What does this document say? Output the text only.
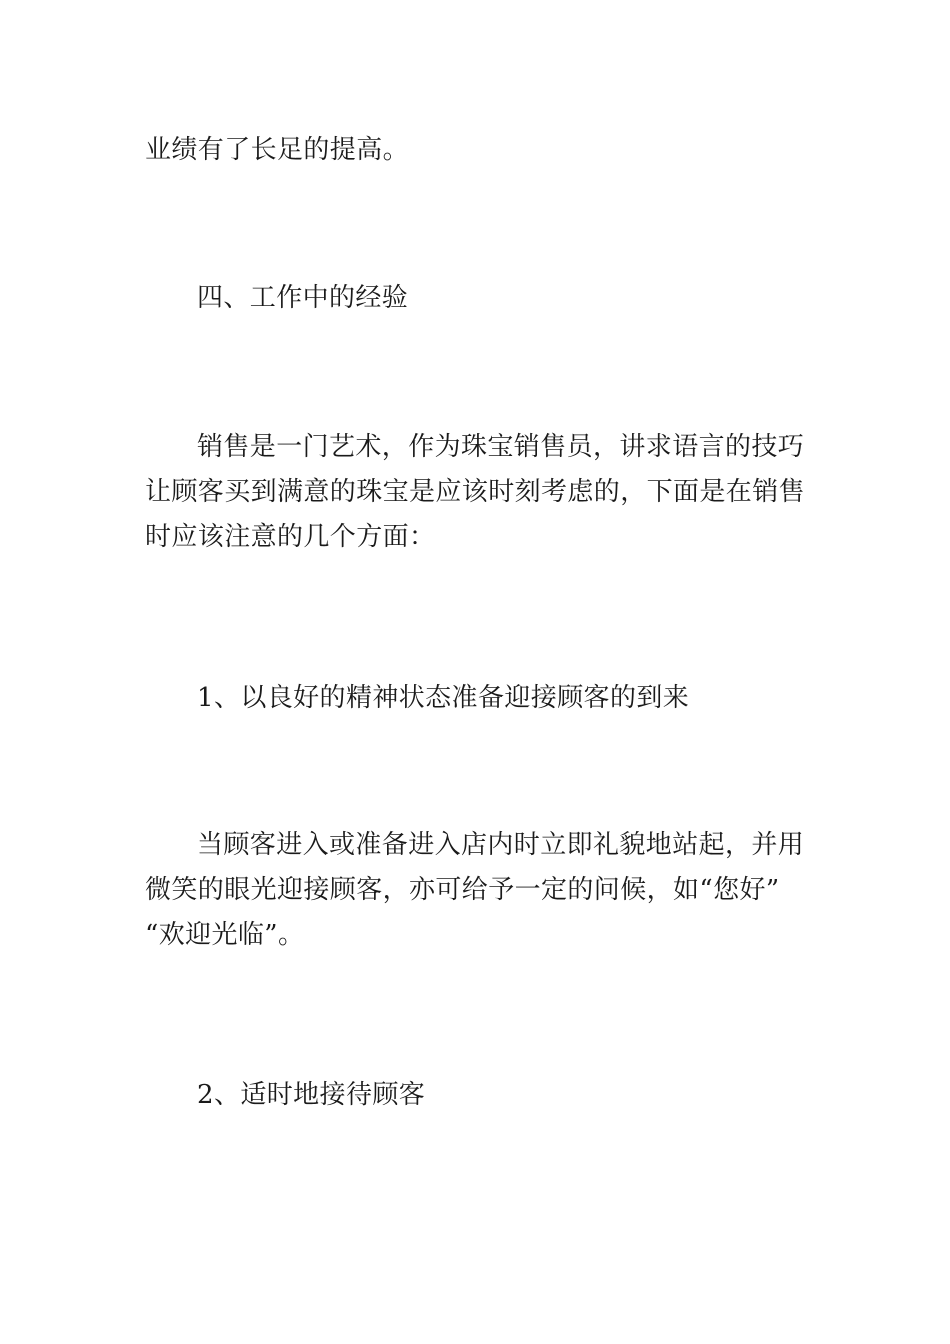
业绩有了长足的提高。

四、工作中的经验

销售是一门艺术，作为珠宝销售员，讲求语言的技巧
让顾客买到满意的珠宝是应该时刻考虑的，下面是在销售
时应该注意的几个方面：

1、以良好的精神状态准备迎接顾客的到来

当顾客进入或准备进入店内时立即礼貌地站起，并用
微笑的眼光迎接顾客，亦可给予一定的问候，如“您好”
“欢迎光临”。

2、适时地接待顾客
